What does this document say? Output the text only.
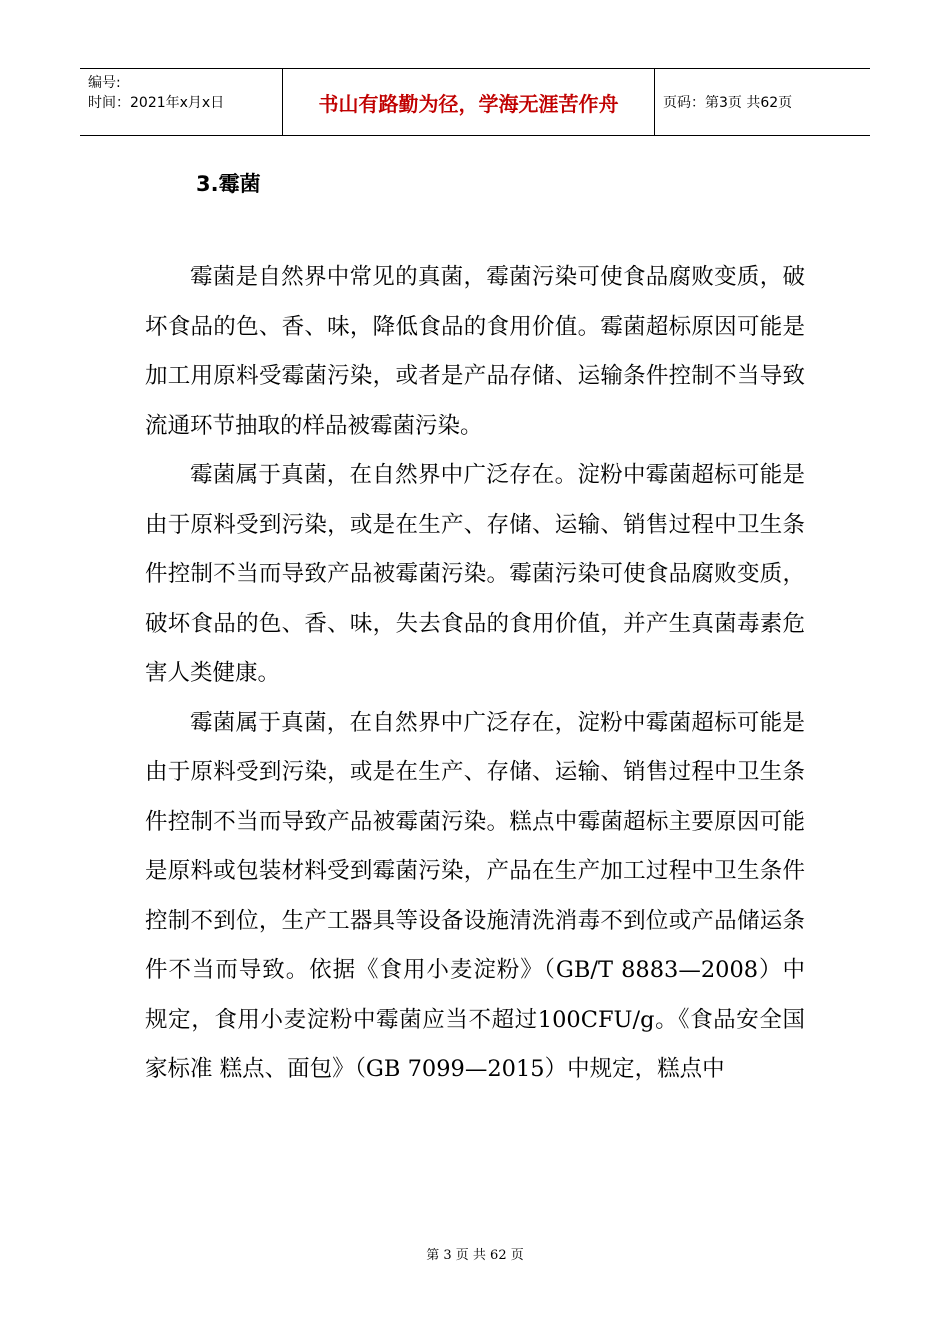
编号:
时间：2021年x月x日	书山有路勤为径，学海无涯苦作舟	页码：第3页 共62页
3.霉菌

霉菌是自然界中常见的真菌，霉菌污染可使食品腐败变质，破坏食品的色、香、味，降低食品的食用价值。霉菌超标原因可能是加工用原料受霉菌污染，或者是产品存储、运输条件控制不当导致流通环节抽取的样品被霉菌污染。

霉菌属于真菌，在自然界中广泛存在。淀粉中霉菌超标可能是由于原料受到污染，或是在生产、存储、运输、销售过程中卫生条件控制不当而导致产品被霉菌污染。霉菌污染可使食品腐败变质，破坏食品的色、香、味，失去食品的食用价值，并产生真菌毒素危害人类健康。

霉菌属于真菌，在自然界中广泛存在，淀粉中霉菌超标可能是由于原料受到污染，或是在生产、存储、运输、销售过程中卫生条件控制不当而导致产品被霉菌污染。糕点中霉菌超标主要原因可能是原料或包装材料受到霉菌污染，产品在生产加工过程中卫生条件控制不到位，生产工器具等设备设施清洗消毒不到位或产品储运条件不当而导致。依据《食用小麦淀粉》（GB/T 8883—2008）中规定，食用小麦淀粉中霉菌应当不超过100CFU/g。《食品安全国家标准 糕点、面包》（GB 7099—2015）中规定，糕点中

第 3 页 共 62 页
